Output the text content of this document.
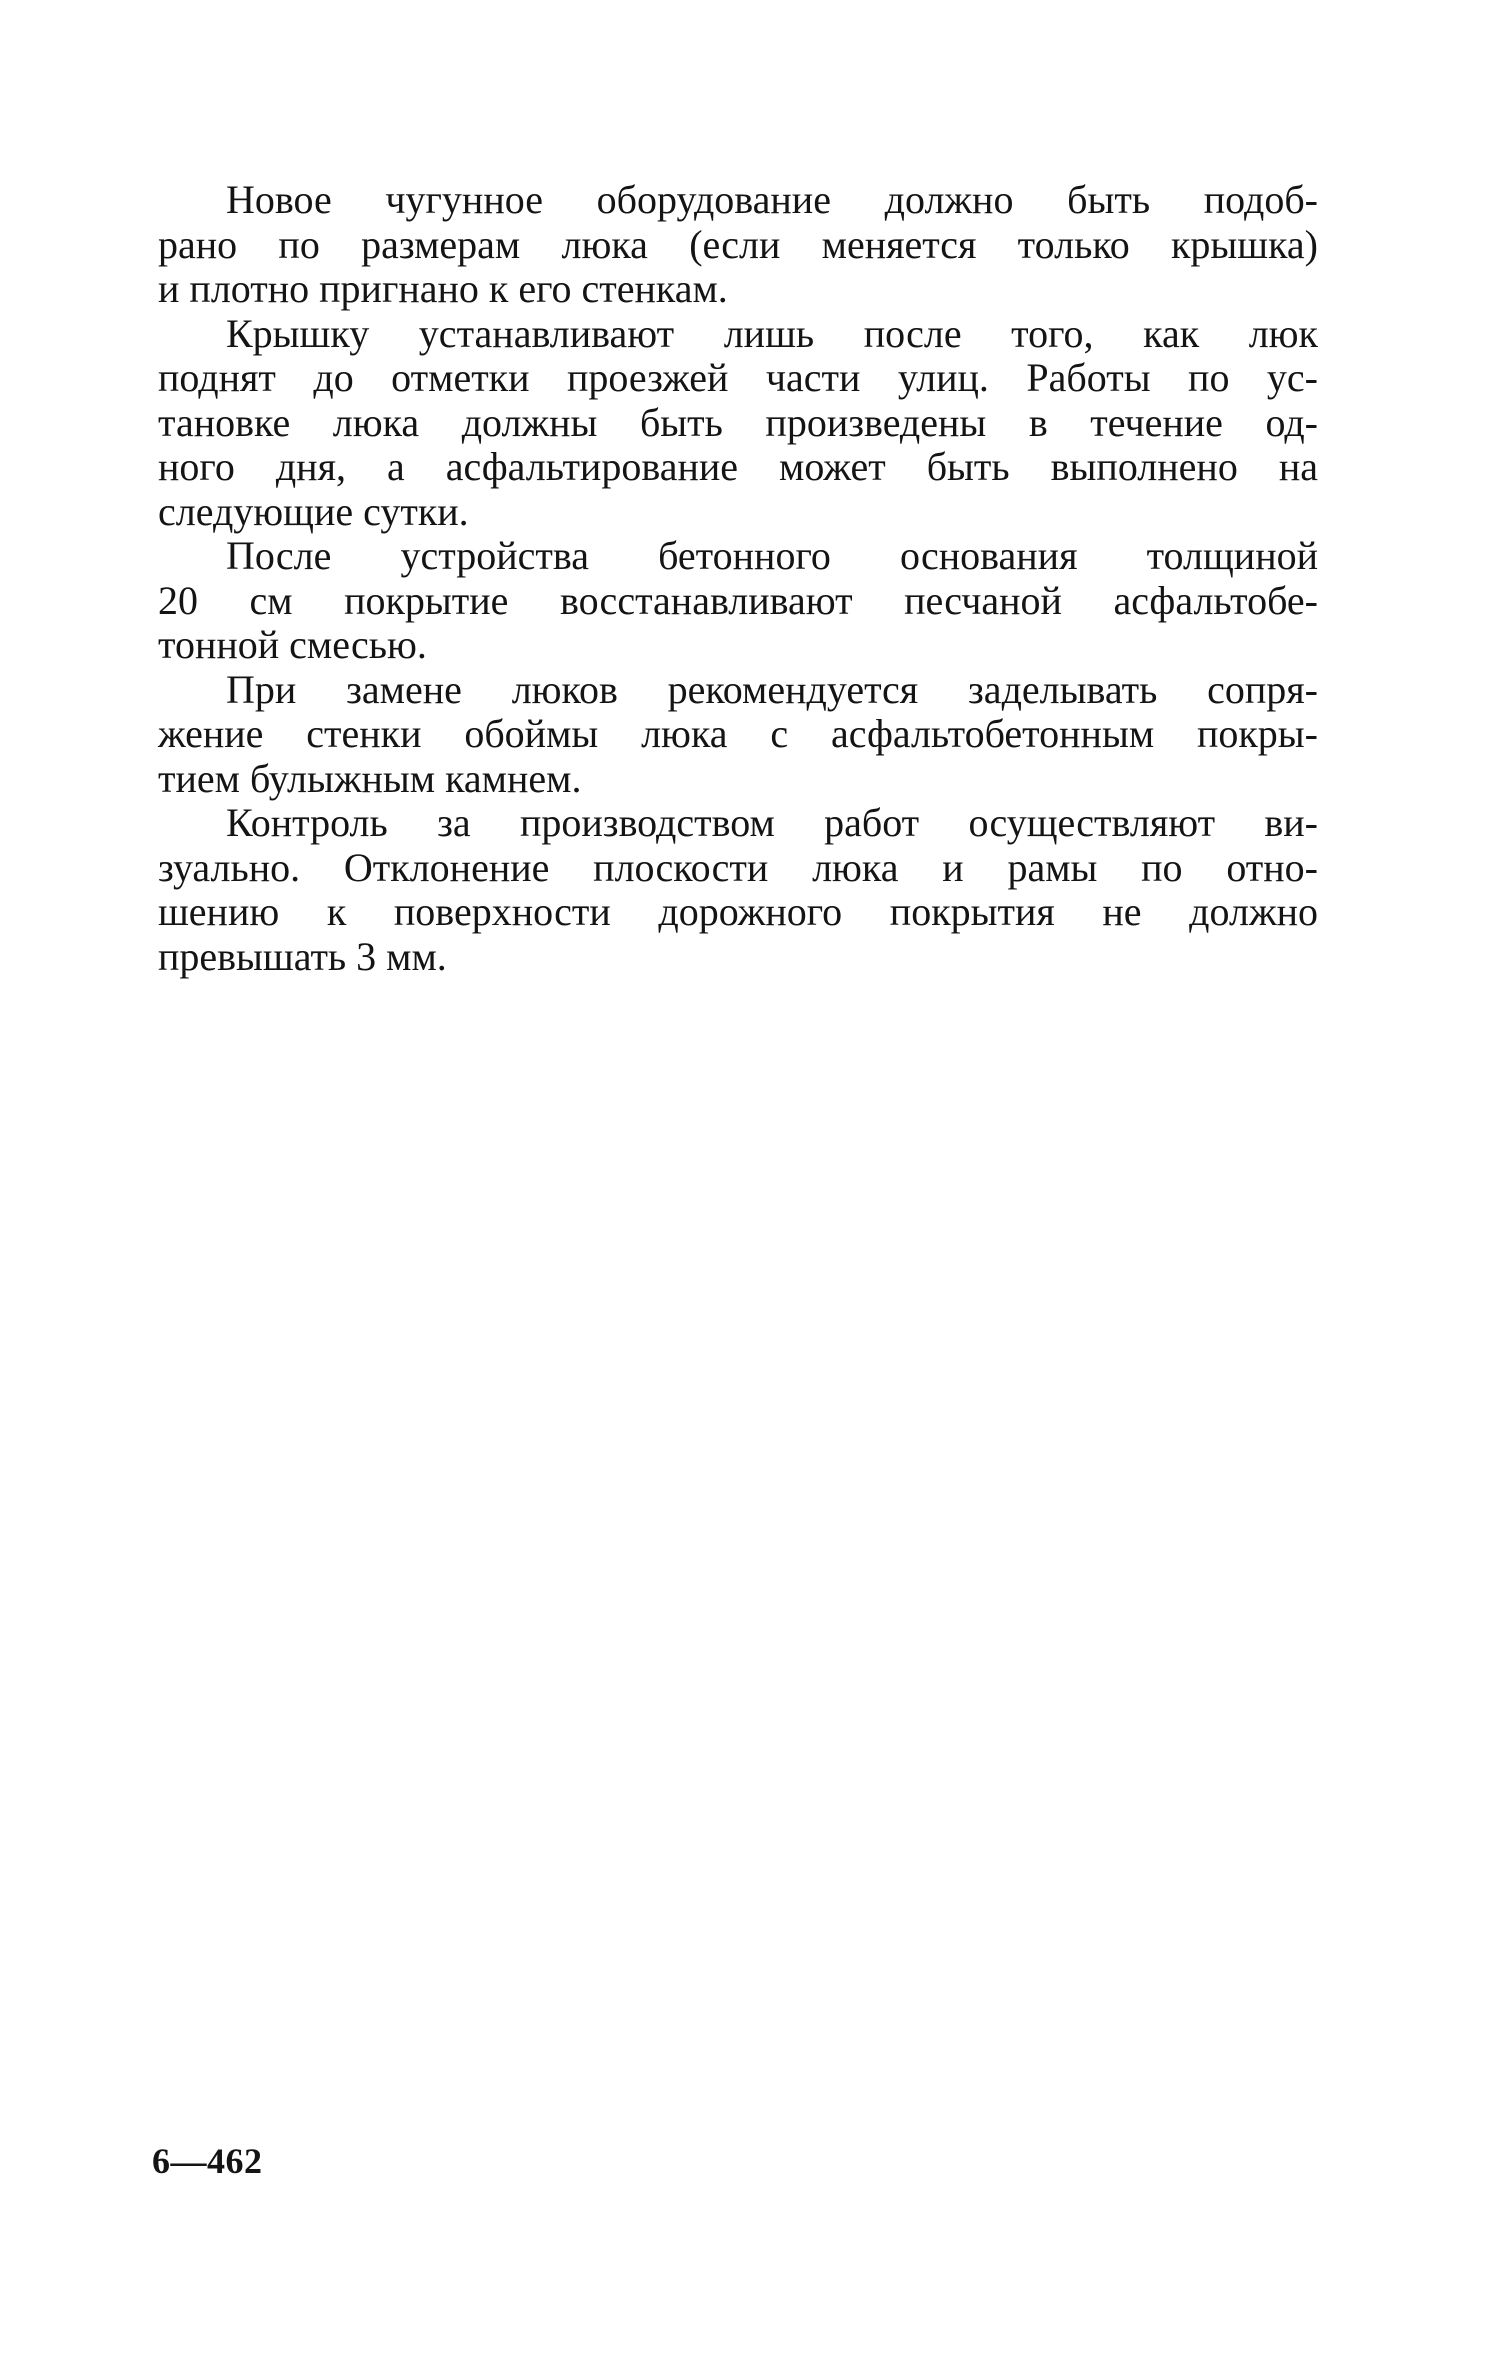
Новое чугунное оборудование должно быть подоб-
рано по размерам люка (если меняется только крышка)
и плотно пригнано к его стенкам.
Крышку устанавливают лишь после того, как люк
поднят до отметки проезжей части улиц. Работы по ус-
тановке люка должны быть произведены в течение од-
ного дня, а асфальтирование может быть выполнено на
следующие сутки.
После устройства бетонного основания толщиной
20 см покрытие восстанавливают песчаной асфальтобе-
тонной смесью.
При замене люков рекомендуется заделывать сопря-
жение стенки обоймы люка с асфальтобетонным покры-
тием булыжным камнем.
Контроль за производством работ осуществляют ви-
зуально. Отклонение плоскости люка и рамы по отно-
шению к поверхности дорожного покрытия не должно
превышать 3 мм.
6—462
